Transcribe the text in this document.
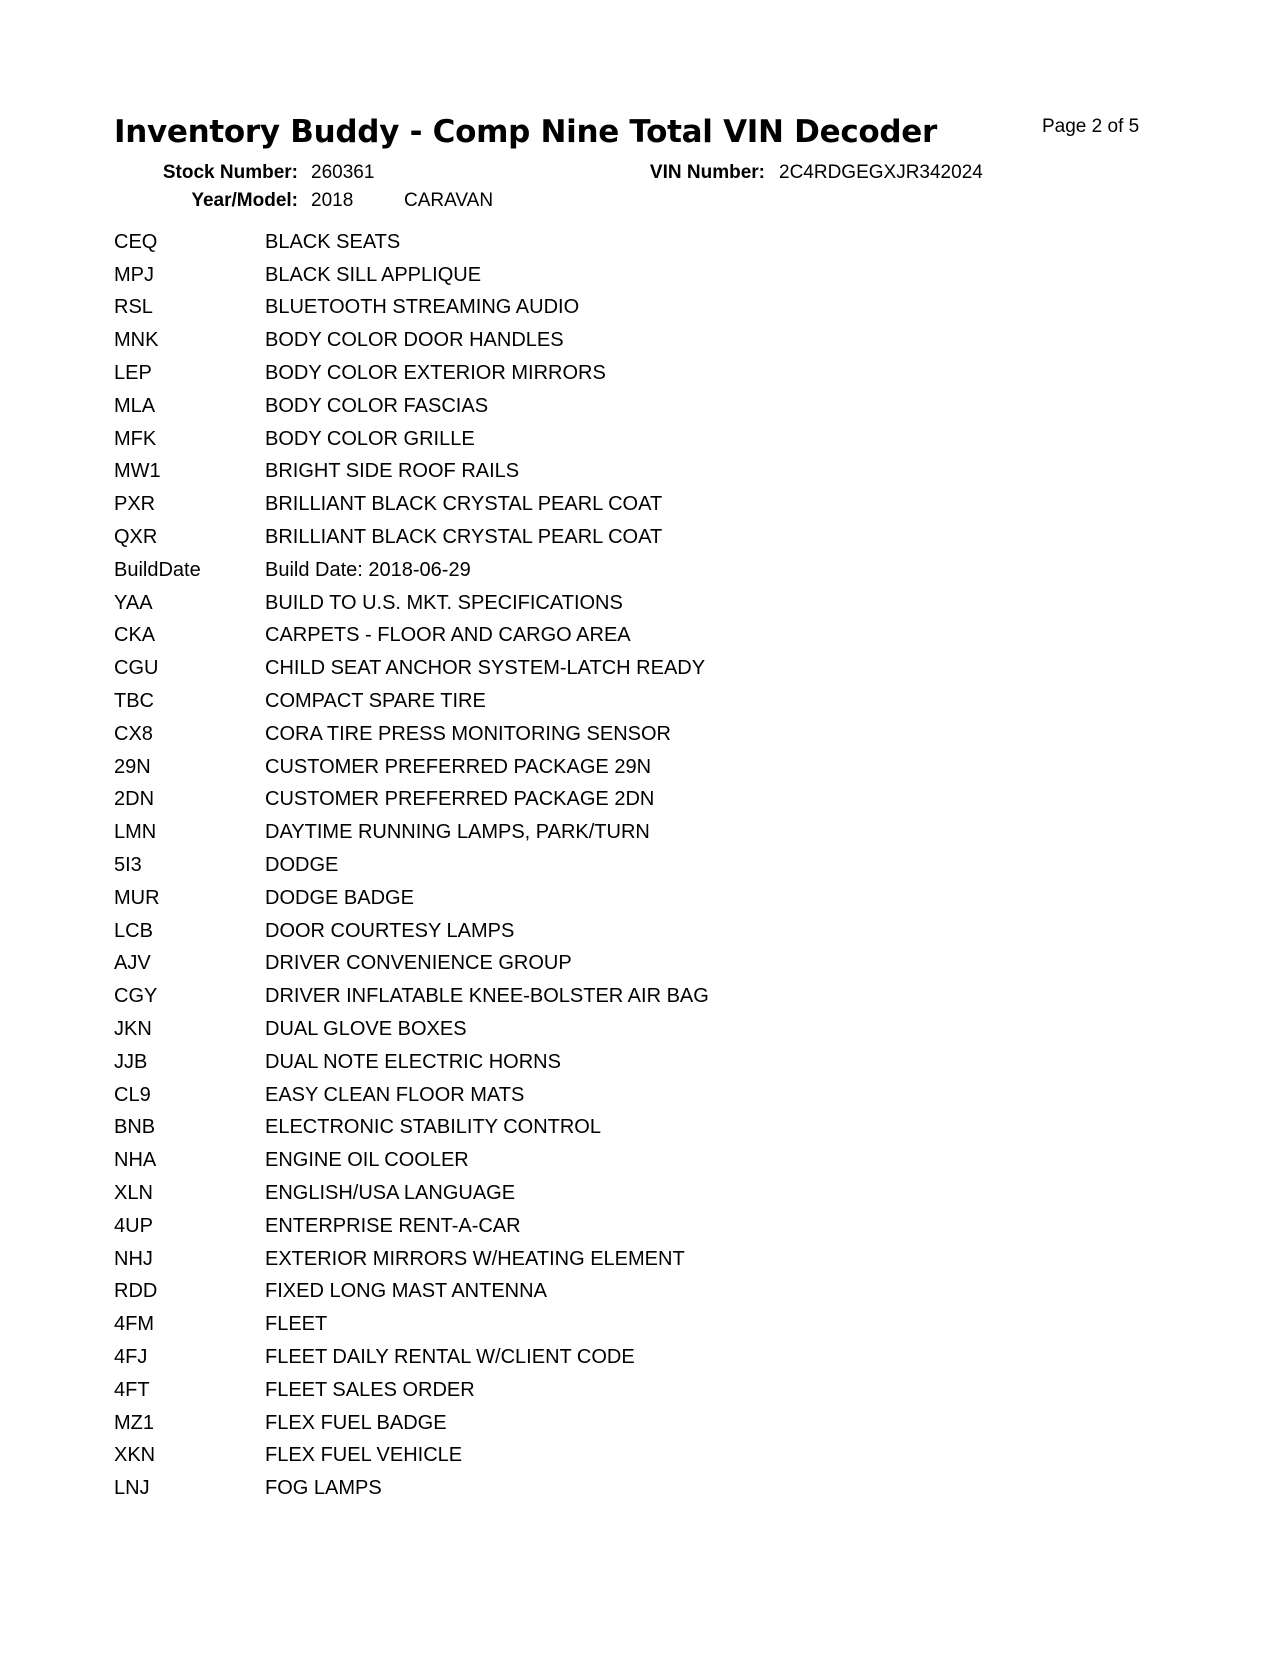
Inventory Buddy - Comp Nine Total VIN Decoder	Page 2 of 5
Stock Number: 260361	VIN Number: 2C4RDGEGXJR342024
Year/Model: 2018	CARAVAN
CEQ	BLACK SEATS
MPJ	BLACK SILL APPLIQUE
RSL	BLUETOOTH STREAMING AUDIO
MNK	BODY COLOR DOOR HANDLES
LEP	BODY COLOR EXTERIOR MIRRORS
MLA	BODY COLOR FASCIAS
MFK	BODY COLOR GRILLE
MW1	BRIGHT SIDE ROOF RAILS
PXR	BRILLIANT BLACK CRYSTAL PEARL COAT
QXR	BRILLIANT BLACK CRYSTAL PEARL COAT
BuildDate	Build Date: 2018-06-29
YAA	BUILD TO U.S. MKT. SPECIFICATIONS
CKA	CARPETS - FLOOR AND CARGO AREA
CGU	CHILD SEAT ANCHOR SYSTEM-LATCH READY
TBC	COMPACT SPARE TIRE
CX8	CORA TIRE PRESS MONITORING SENSOR
29N	CUSTOMER PREFERRED PACKAGE 29N
2DN	CUSTOMER PREFERRED PACKAGE 2DN
LMN	DAYTIME RUNNING LAMPS, PARK/TURN
5I3	DODGE
MUR	DODGE BADGE
LCB	DOOR COURTESY LAMPS
AJV	DRIVER CONVENIENCE GROUP
CGY	DRIVER INFLATABLE KNEE-BOLSTER AIR BAG
JKN	DUAL GLOVE BOXES
JJB	DUAL NOTE ELECTRIC HORNS
CL9	EASY CLEAN FLOOR MATS
BNB	ELECTRONIC STABILITY CONTROL
NHA	ENGINE OIL COOLER
XLN	ENGLISH/USA LANGUAGE
4UP	ENTERPRISE RENT-A-CAR
NHJ	EXTERIOR MIRRORS W/HEATING ELEMENT
RDD	FIXED LONG MAST ANTENNA
4FM	FLEET
4FJ	FLEET DAILY RENTAL W/CLIENT CODE
4FT	FLEET SALES ORDER
MZ1	FLEX FUEL BADGE
XKN	FLEX FUEL VEHICLE
LNJ	FOG LAMPS
